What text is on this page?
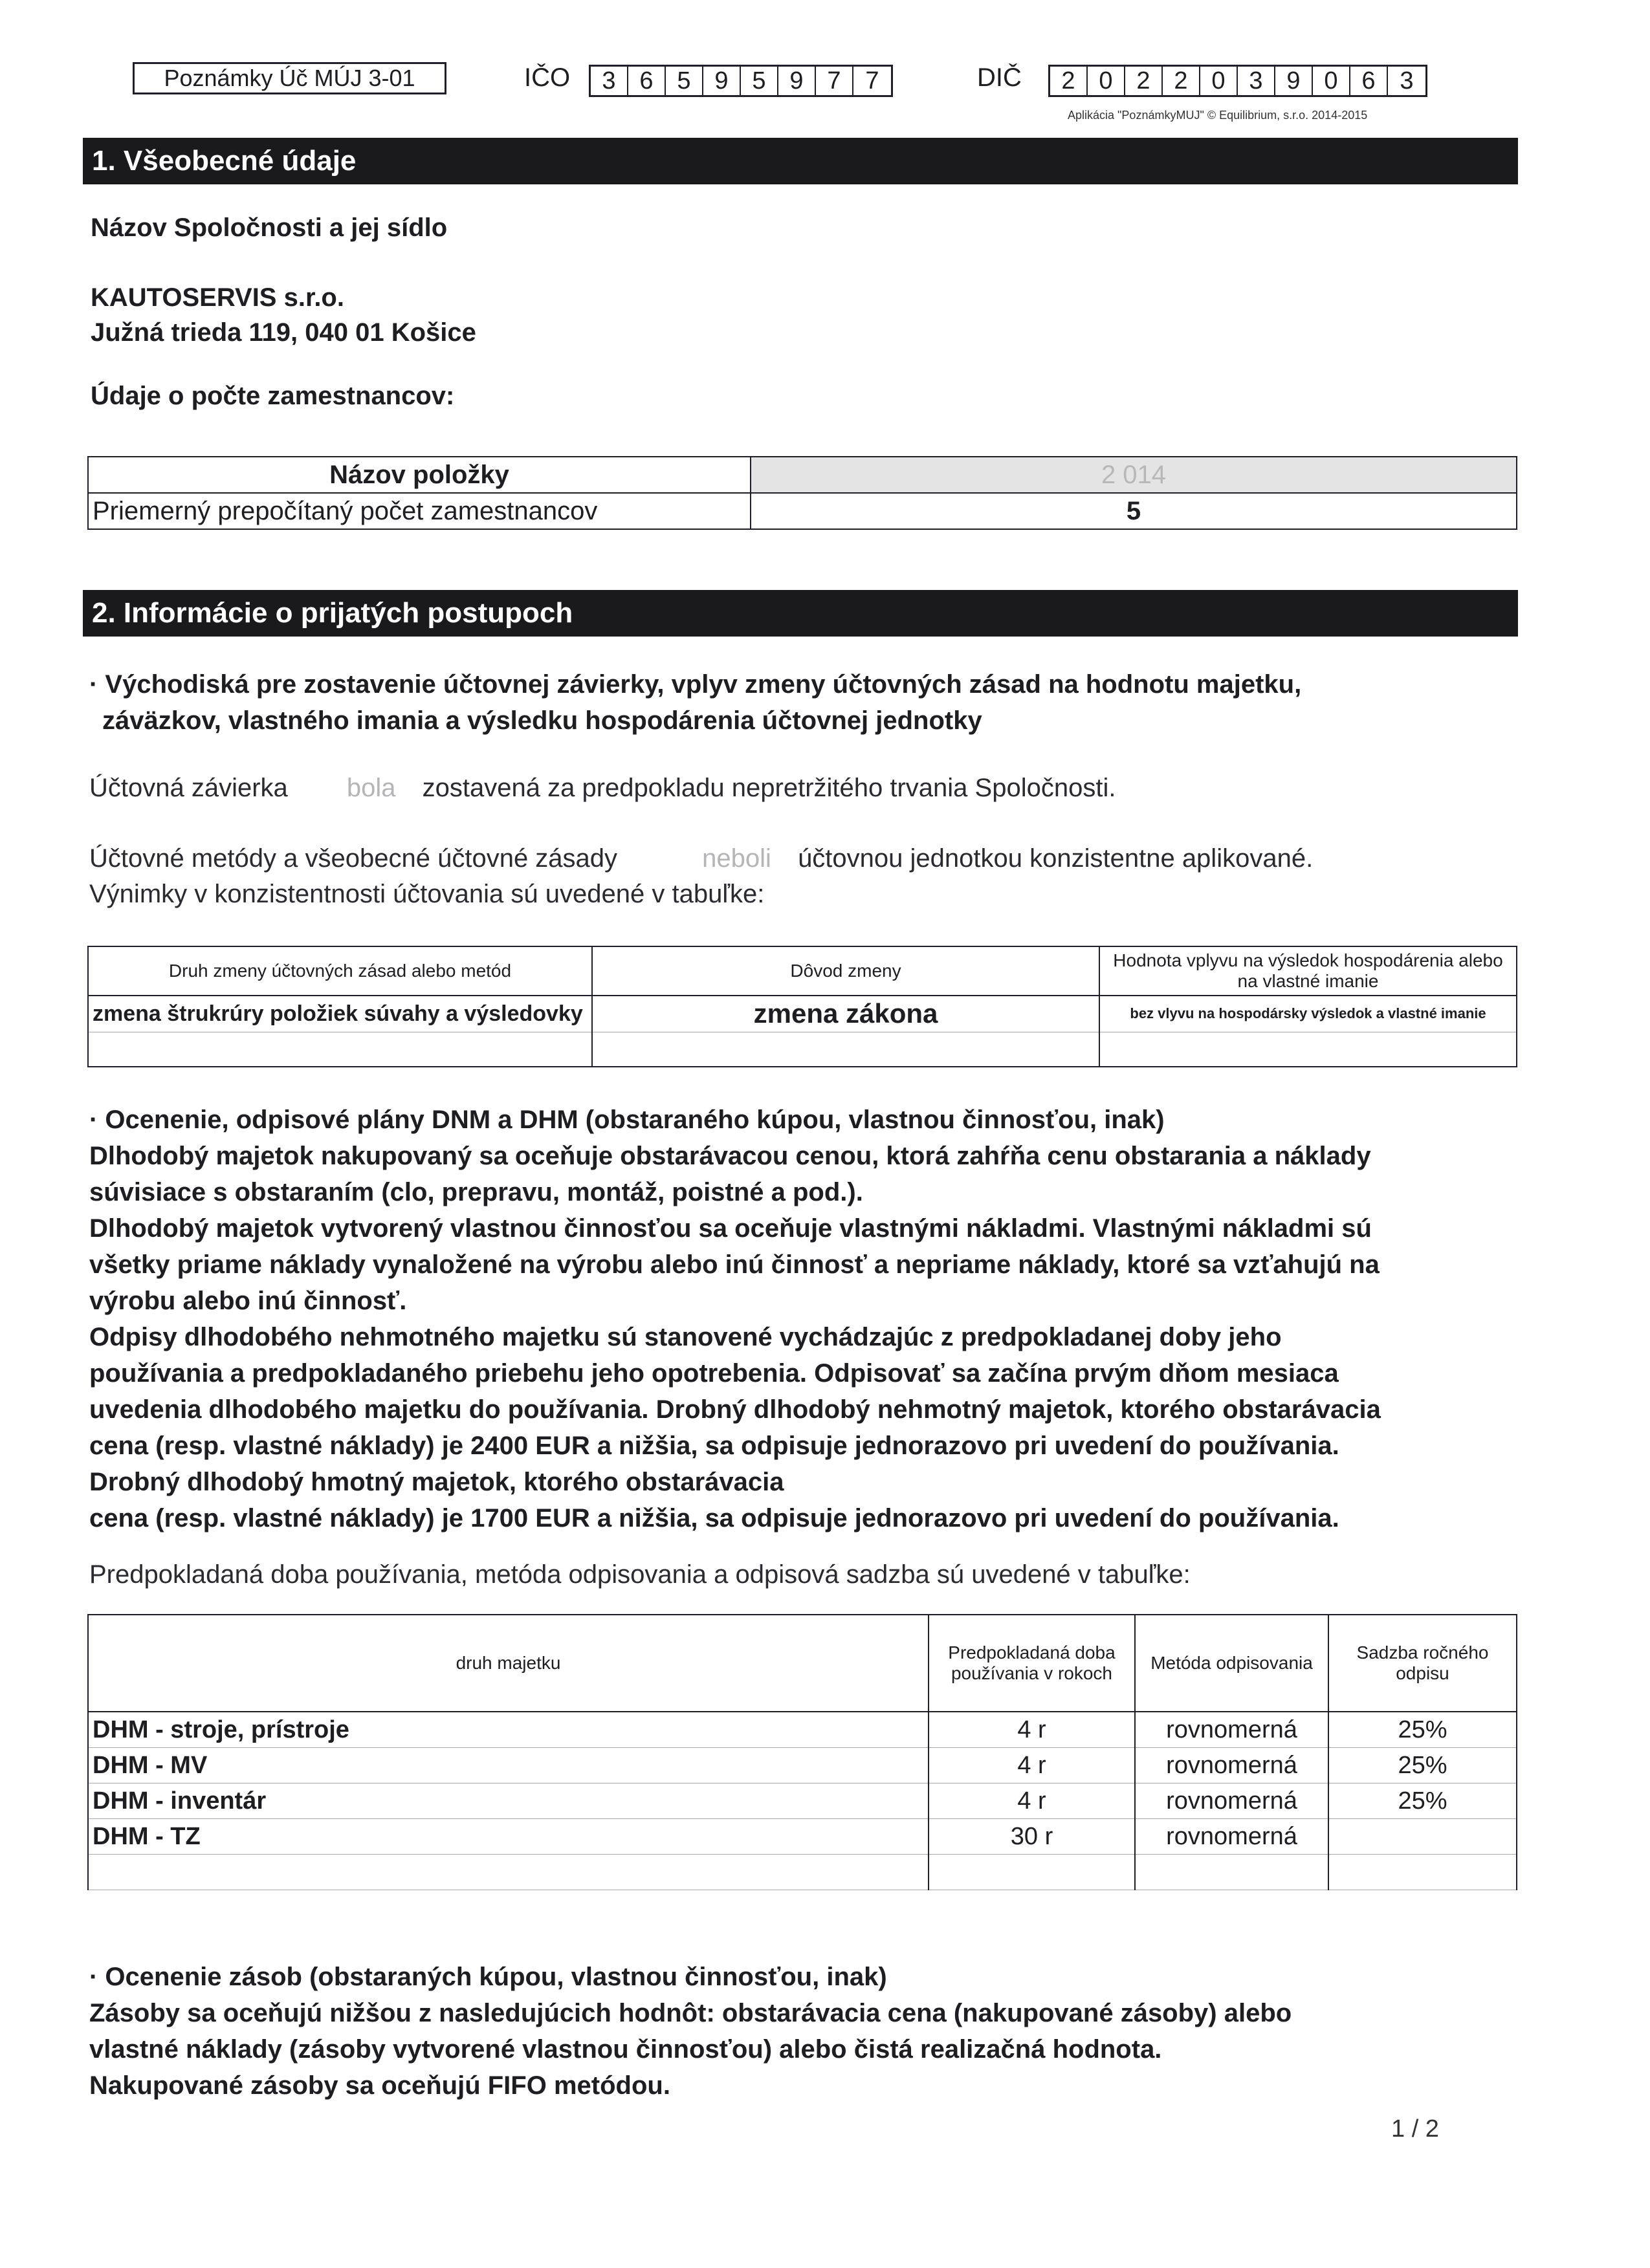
Poznámky Úč MÚJ 3-01	IČO	3 6 5 9 5 9 7 7	DIČ	2 0 2 2 0 3 9 0 6 3
Aplikácia "PoznámkyMUJ" © Equilibrium, s.r.o. 2014-2015
1. Všeobecné údaje
Názov Spoločnosti a jej sídlo
KAUTOSERVIS s.r.o.
Južná trieda 119, 040 01 Košice
Údaje o počte zamestnancov:
Názov položky	2 014
Priemerný prepočítaný počet zamestnancov	5
2. Informácie o prijatých postupoch
· Východiská pre zostavenie účtovnej závierky, vplyv zmeny účtovných zásad na hodnotu majetku,
záväzkov, vlastného imania a výsledku hospodárenia účtovnej jednotky
Účtovná závierka bola zostavená za predpokladu nepretržitého trvania Spoločnosti.
Účtovné metódy a všeobecné účtovné zásady	neboli účtovnou jednotkou konzistentne aplikované.
Výnimky v konzistentnosti účtovania sú uvedené v tabuľke:
Druh zmeny účtovných zásad alebo metód	Dôvod zmeny	Hodnota vplyvu na výsledok hospodárenia alebo na vlastné imanie
zmena štrukrúry položiek súvahy a výsledovky	zmena zákona	bez vlyvu na hospodársky výsledok a vlastné imanie

· Ocenenie, odpisové plány DNM a DHM (obstaraného kúpou, vlastnou činnosťou, inak)
Dlhodobý majetok nakupovaný sa oceňuje obstarávacou cenou, ktorá zahŕňa cenu obstarania a náklady
súvisiace s obstaraním (clo, prepravu, montáž, poistné a pod.).
Dlhodobý majetok vytvorený vlastnou činnosťou sa oceňuje vlastnými nákladmi. Vlastnými nákladmi sú
všetky priame náklady vynaložené na výrobu alebo inú činnosť a nepriame náklady, ktoré sa vzťahujú na
výrobu alebo inú činnosť.
Odpisy dlhodobého nehmotného majetku sú stanovené vychádzajúc z predpokladanej doby jeho
používania a predpokladaného priebehu jeho opotrebenia. Odpisovať sa začína prvým dňom mesiaca
uvedenia dlhodobého majetku do používania. Drobný dlhodobý nehmotný majetok, ktorého obstarávacia
cena (resp. vlastné náklady) je 2400 EUR a nižšia, sa odpisuje jednorazovo pri uvedení do používania.
Drobný dlhodobý hmotný majetok, ktorého obstarávacia
cena (resp. vlastné náklady) je 1700 EUR a nižšia, sa odpisuje jednorazovo pri uvedení do používania.
Predpokladaná doba používania, metóda odpisovania a odpisová sadzba sú uvedené v tabuľke:
druh majetku	Predpokladaná doba používania v rokoch	Metóda odpisovania	Sadzba ročného odpisu
DHM - stroje, prístroje	4 r	rovnomerná	25%
DHM - MV	4 r	rovnomerná	25%
DHM - inventár	4 r	rovnomerná	25%
DHM - TZ	30 r	rovnomerná	

· Ocenenie zásob (obstaraných kúpou, vlastnou činnosťou, inak)
Zásoby sa oceňujú nižšou z nasledujúcich hodnôt: obstarávacia cena (nakupované zásoby) alebo
vlastné náklady (zásoby vytvorené vlastnou činnosťou) alebo čistá realizačná hodnota.
Nakupované zásoby sa oceňujú FIFO metódou.
1 / 2
